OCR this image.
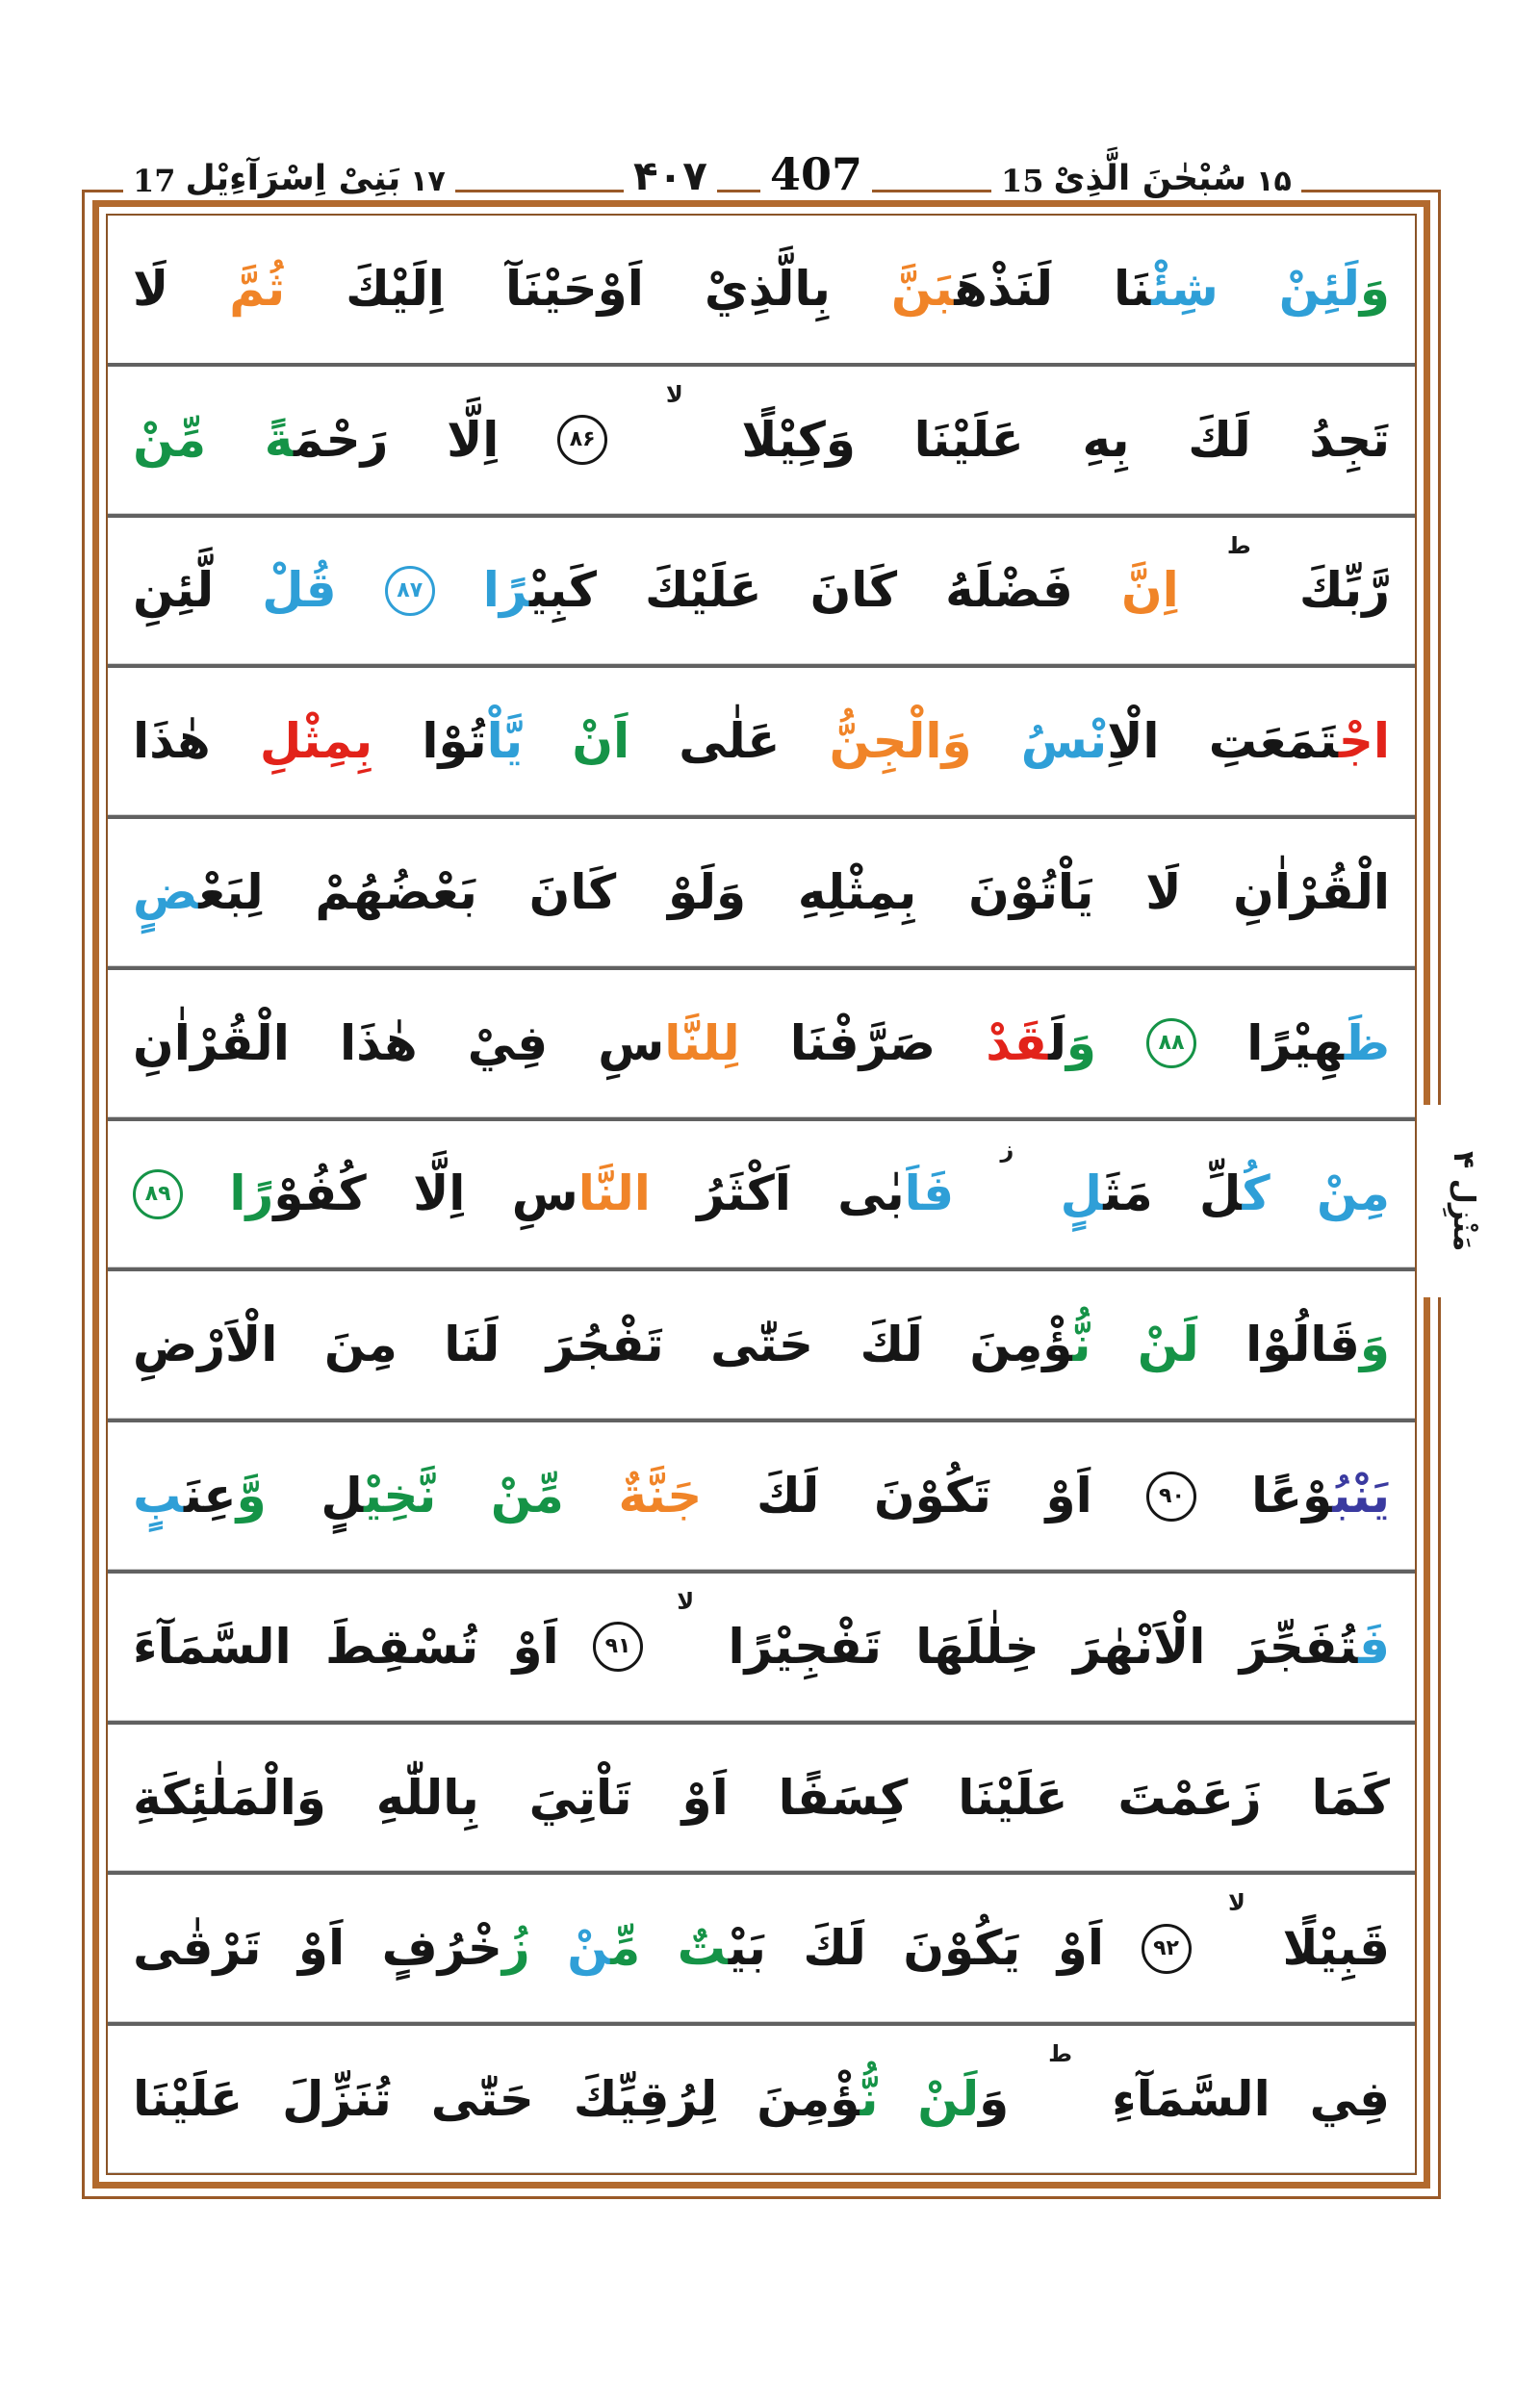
17 بَنِیْ اِسْرَآءِیْل ۱۷	۴۰۷ 407	15 سُبْحٰنَ الَّذِیْ ۱۵
وَلَئِنْ
شِئْنَا
لَنَذْهَبَنَّ
بِالَّذِيْ
اَوْحَيْنَآ
اِلَيْكَ
ثُمَّ
لَا
تَجِدُ
لَكَ
بِهِ
عَلَيْنَا
وَكِيْلًا
لا
۸۶
اِلَّا
رَحْمَةً
مِّنْ
رَّبِّكَ
ط
اِنَّ
فَضْلَهُ
كَانَ
عَلَيْكَ
كَبِيْرًا
۸۷
قُلْ
لَّئِنِ
اجْتَمَعَتِ
الْاِنْسُ
وَالْجِنُّ
عَلٰى
اَنْ
يَّاْتُوْا
بِمِثْلِ
هٰذَا
الْقُرْاٰنِ
لَا
يَاْتُوْنَ
بِمِثْلِهِ
وَلَوْ
كَانَ
بَعْضُهُمْ
لِبَعْضٍ
ظَهِيْرًا
۸۸
وَلَقَدْ
صَرَّفْنَا
لِلنَّاسِ
فِيْ
هٰذَا
الْقُرْاٰنِ
مِنْ
كُلِّ
مَثَلٍ
ز
فَاَبٰى
اَكْثَرُ
النَّاسِ
اِلَّا
كُفُوْرًا
۸۹
وَقَالُوْا
لَنْ
نُّؤْمِنَ
لَكَ
حَتّٰى
تَفْجُرَ
لَنَا
مِنَ
الْاَرْضِ
يَنْبُوْعًا
۹۰
اَوْ
تَكُوْنَ
لَكَ
جَنَّةٌ
مِّنْ
نَّخِيْلٍ
وَّعِنَبٍ
فَتُفَجِّرَ
الْاَنْهٰرَ
خِلٰلَهَا
تَفْجِيْرًا
لا
۹۱
اَوْ
تُسْقِطَ
السَّمَآءَ
كَمَا
زَعَمْتَ
عَلَيْنَا
كِسَفًا
اَوْ
تَاْتِيَ
بِاللّٰهِ
وَالْمَلٰئِكَةِ
قَبِيْلًا
لا
۹۲
اَوْ
يَكُوْنَ
لَكَ
بَيْتٌ
مِّنْ
زُخْرُفٍ
اَوْ
تَرْقٰى
فِي
السَّمَآءِ
ط
وَلَنْ
نُّؤْمِنَ
لِرُقِيِّكَ
حَتّٰى
تُنَزِّلَ
عَلَيْنَا
مَنْزِل ۴
